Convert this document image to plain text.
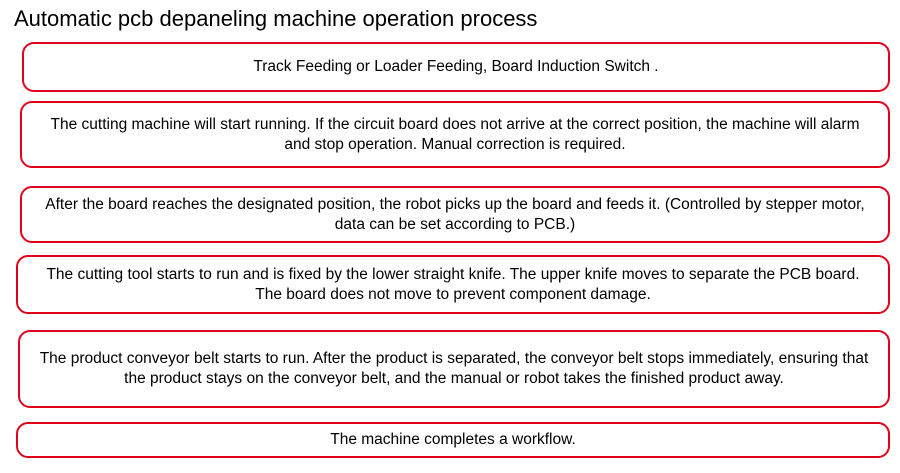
Automatic pcb depaneling machine operation process
Track Feeding or Loader Feeding, Board Induction Switch .
The cutting machine will start running. If the circuit board does not arrive at the correct position, the machine will alarm and stop operation. Manual correction is required.
After the board reaches the designated position, the robot picks up the board and feeds it. (Controlled by stepper motor, data can be set according to PCB.)
The cutting tool starts to run and is fixed by the lower straight knife. The upper knife moves to separate the PCB board. The board does not move to prevent component damage.
The product conveyor belt starts to run. After the product is separated, the conveyor belt stops immediately, ensuring that the product stays on the conveyor belt, and the manual or robot takes the finished product away.
The machine completes a workflow.
